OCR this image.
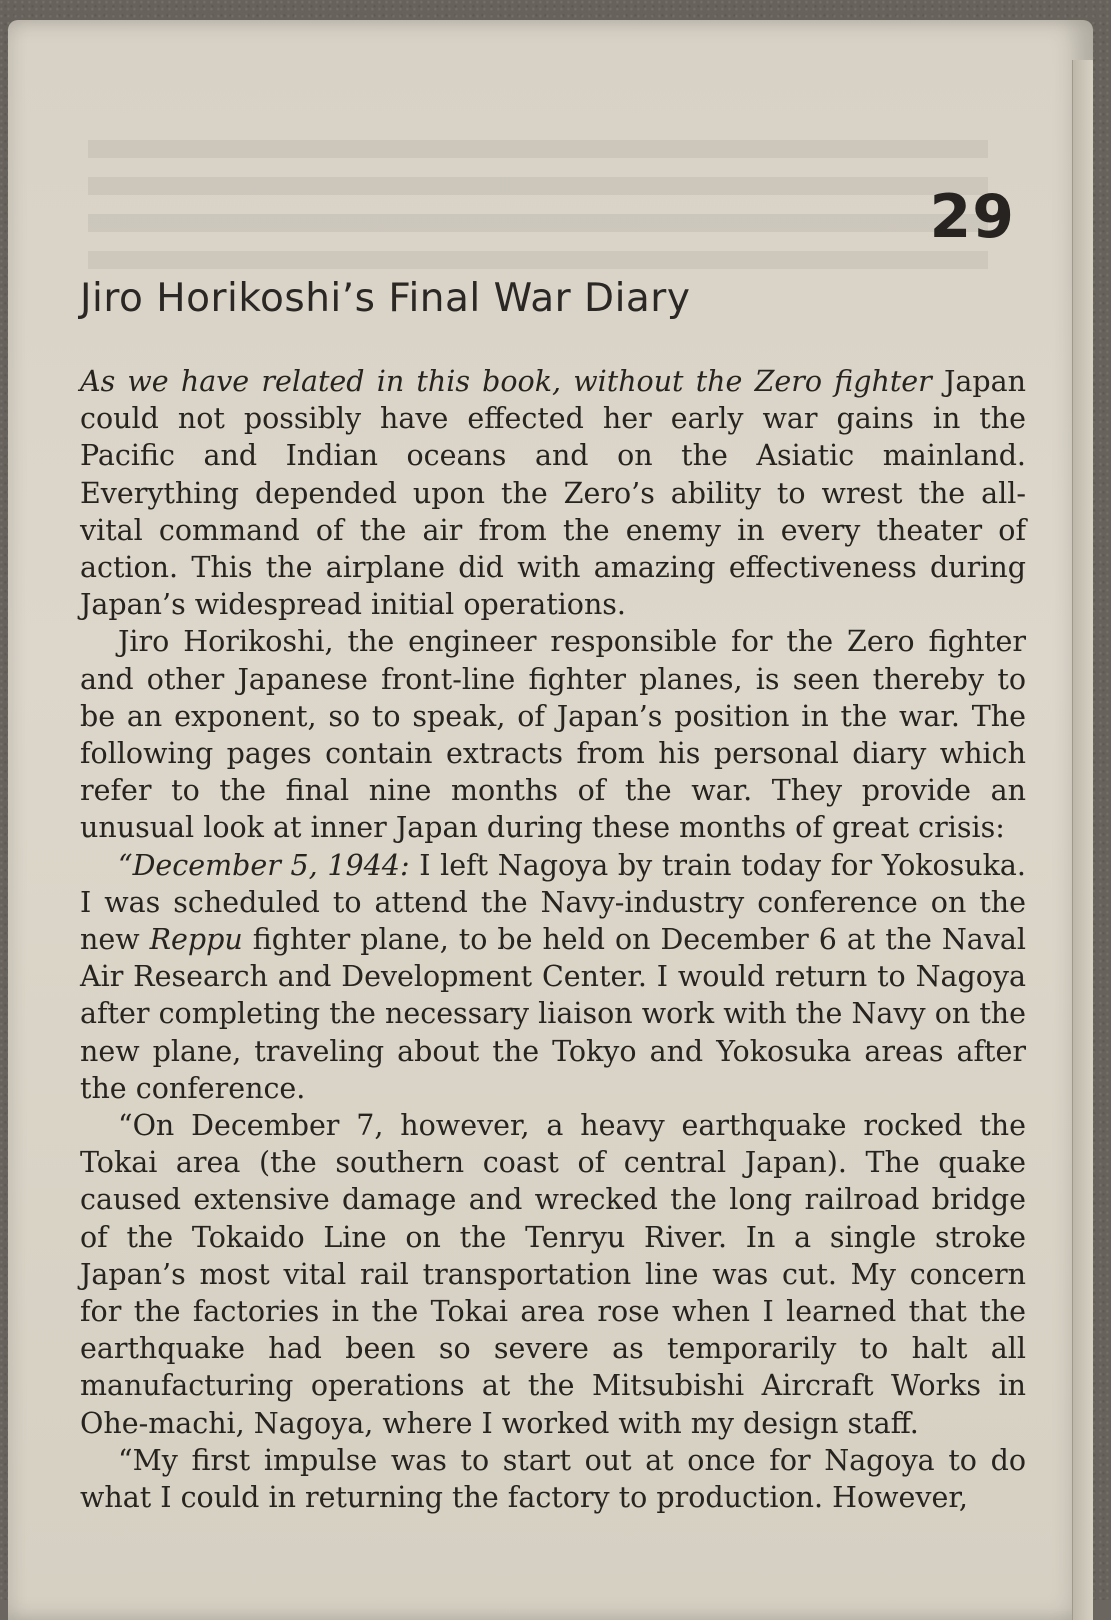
29
Jiro Horikoshi’s Final War Diary

As we have related in this book, without the Zero fighter Japan could not possibly have effected her early war gains in the Pacific and Indian oceans and on the Asiatic mainland. Everything depended upon the Zero’s ability to wrest the all-vital command of the air from the enemy in every theater of action. This the airplane did with amazing effectiveness during Japan’s widespread initial operations.

Jiro Horikoshi, the engineer responsible for the Zero fighter and other Japanese front-line fighter planes, is seen thereby to be an exponent, so to speak, of Japan’s position in the war. The following pages contain extracts from his personal diary which refer to the final nine months of the war. They provide an unusual look at inner Japan during these months of great crisis:

“December 5, 1944: I left Nagoya by train today for Yokosuka. I was scheduled to attend the Navy-industry conference on the new Reppu fighter plane, to be held on December 6 at the Naval Air Research and Development Center. I would return to Nagoya after completing the necessary liaison work with the Navy on the new plane, traveling about the Tokyo and Yokosuka areas after the conference.

“On December 7, however, a heavy earthquake rocked the Tokai area (the southern coast of central Japan). The quake caused extensive damage and wrecked the long railroad bridge of the Tokaido Line on the Tenryu River. In a single stroke Japan’s most vital rail transportation line was cut. My concern for the factories in the Tokai area rose when I learned that the earthquake had been so severe as temporarily to halt all manufacturing operations at the Mitsubishi Aircraft Works in Ohe-machi, Nagoya, where I worked with my design staff.

“My first impulse was to start out at once for Nagoya to do what I could in returning the factory to production. However,
